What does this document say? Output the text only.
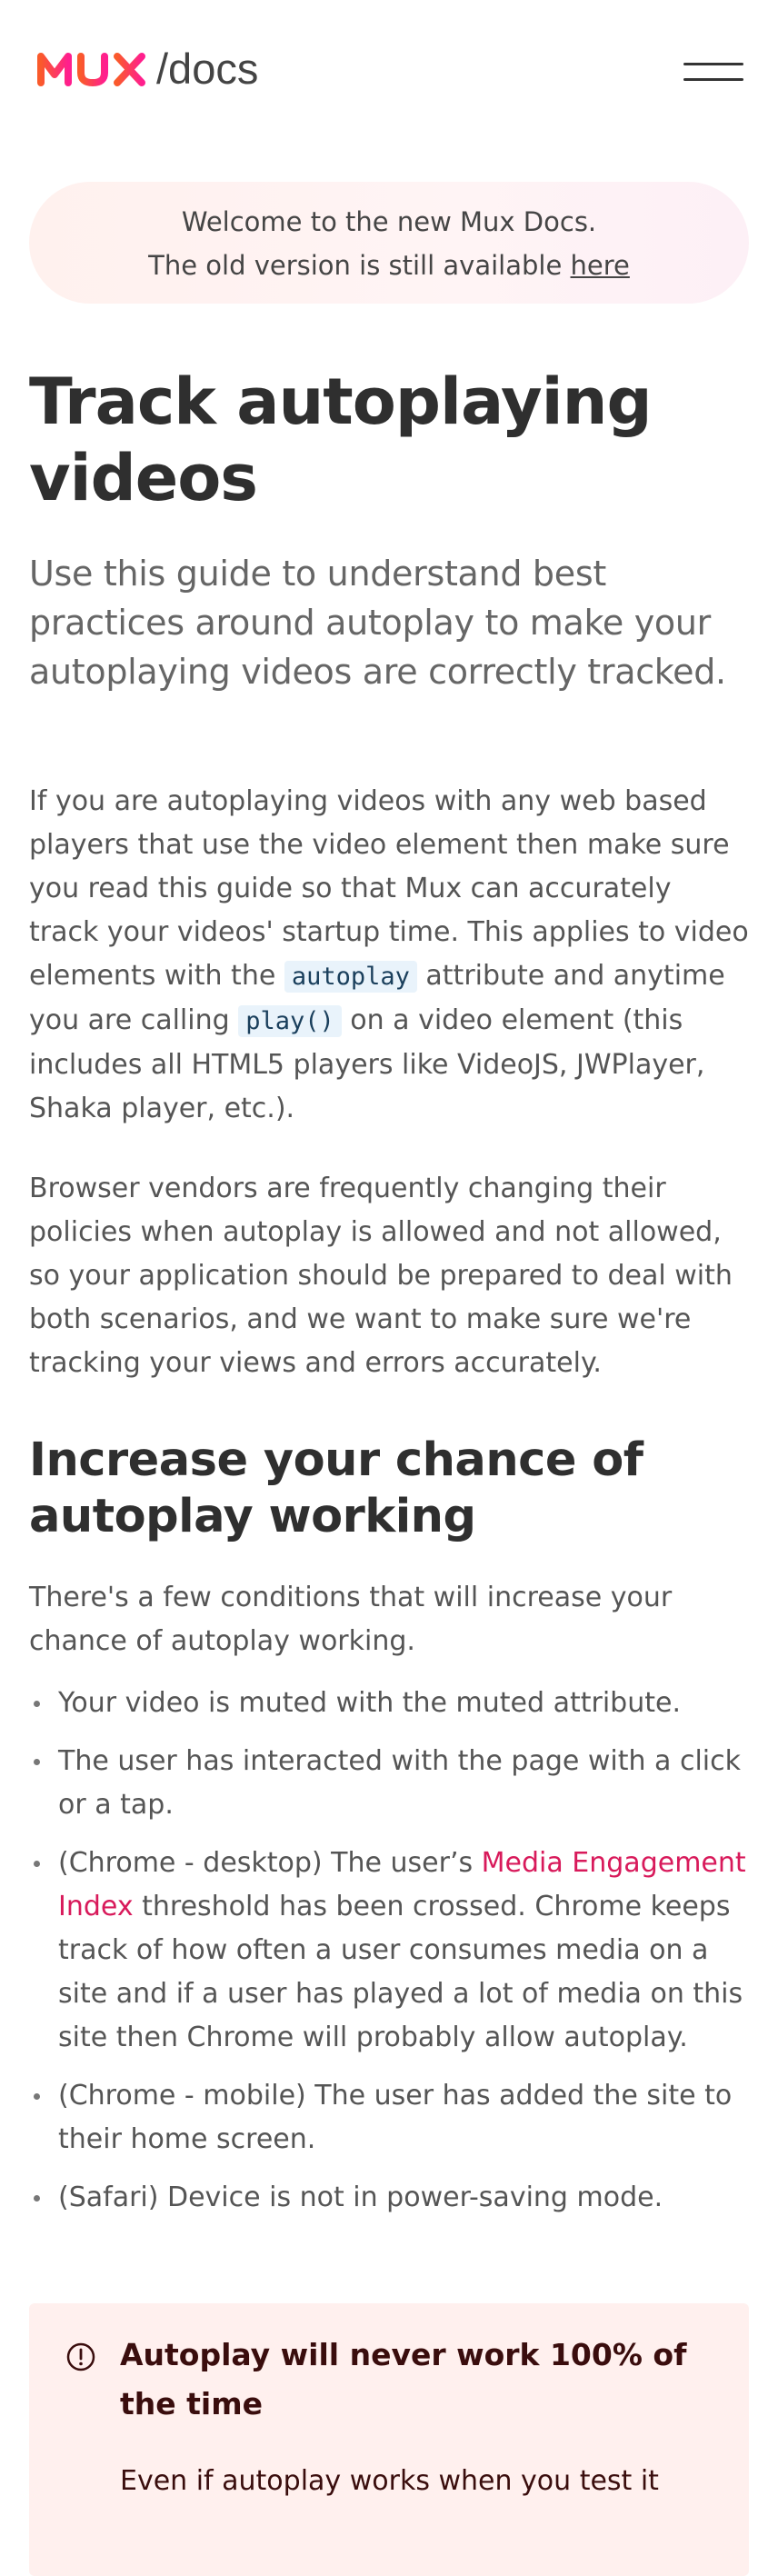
/docs
Welcome to the new Mux Docs.
The old version is still available here
Track autoplaying videos

Use this guide to understand best practices around autoplay to make your autoplaying videos are correctly tracked.

If you are autoplaying videos with any web based players that use the video element then make sure you read this guide so that Mux can accurately track your videos' startup time. This applies to video elements with the autoplay attribute and anytime you are calling play() on a video element (this includes all HTML5 players like VideoJS, JWPlayer, Shaka player, etc.).

Browser vendors are frequently changing their policies when autoplay is allowed and not allowed, so your application should be prepared to deal with both scenarios, and we want to make sure we're tracking your views and errors accurately.

Increase your chance of autoplay working

There's a few conditions that will increase your chance of autoplay working.

Your video is muted with the muted attribute.
The user has interacted with the page with a click or a tap.
(Chrome - desktop) The user’s Media Engagement Index threshold has been crossed. Chrome keeps track of how often a user consumes media on a site and if a user has played a lot of media on this site then Chrome will probably allow autoplay.
(Chrome - mobile) The user has added the site to their home screen.
(Safari) Device is not in power-saving mode.
Autoplay will never work 100% of the time
Even if autoplay works when you test it
